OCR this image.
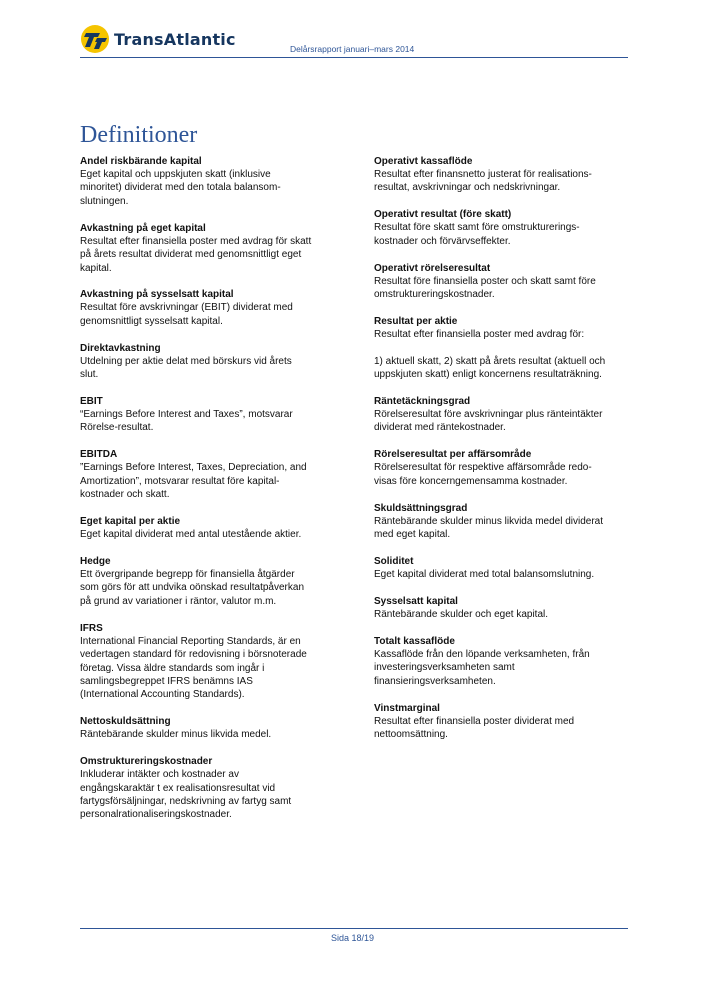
TransAtlantic
Delårsrapport januari–mars 2014
Definitioner
Andel riskbärande kapital

Eget kapital och uppskjuten skatt (inklusive
minoritet) dividerat med den totala balansom-
slutningen.

Avkastning på eget kapital

Resultat efter finansiella poster med avdrag för skatt
på årets resultat dividerat med genomsnittligt eget
kapital.

Avkastning på sysselsatt kapital

Resultat före avskrivningar (EBIT) dividerat med
genomsnittligt sysselsatt kapital.

Direktavkastning

Utdelning per aktie delat med börskurs vid årets
slut.

EBIT

“Earnings Before Interest and Taxes”, motsvarar
Rörelse-resultat.

EBITDA

”Earnings Before Interest, Taxes, Depreciation, and
Amortization”, motsvarar resultat före kapital-
kostnader och skatt.

Eget kapital per aktie

Eget kapital dividerat med antal utestående aktier.

Hedge

Ett övergripande begrepp för finansiella åtgärder
som görs för att undvika oönskad resultatpåverkan
på grund av variationer i räntor, valutor m.m.

IFRS

International Financial Reporting Standards, är en
vedertagen standard för redovisning i börsnoterade
företag. Vissa äldre standards som ingår i
samlingsbegreppet IFRS benämns IAS
(International Accounting Standards).

Nettoskuldsättning

Räntebärande skulder minus likvida medel.

Omstruktureringskostnader

Inkluderar intäkter och kostnader av
engångskaraktär t ex realisationsresultat vid
fartygsförsäljningar, nedskrivning av fartyg samt
personalrationaliseringskostnader.

Operativt kassaflöde

Resultat efter finansnetto justerat för realisations-
resultat, avskrivningar och nedskrivningar.

Operativt resultat (före skatt)

Resultat före skatt samt före omstrukturerings-
kostnader och förvärvseffekter.

Operativt rörelseresultat

Resultat före finansiella poster och skatt samt före
omstruktureringskostnader.

Resultat per aktie

Resultat efter finansiella poster med avdrag för:

1) aktuell skatt, 2) skatt på årets resultat (aktuell och
uppskjuten skatt) enligt koncernens resultaträkning.

Räntetäckningsgrad

Rörelseresultat före avskrivningar plus ränteintäkter
dividerat med räntekostnader.

Rörelseresultat per affärsområde

Rörelseresultat för respektive affärsområde redo-
visas före koncerngemensamma kostnader.

Skuldsättningsgrad

Räntebärande skulder minus likvida medel dividerat
med eget kapital.

Soliditet

Eget kapital dividerat med total balansomslutning.

Sysselsatt kapital

Räntebärande skulder och eget kapital.

Totalt kassaflöde

Kassaflöde från den löpande verksamheten, från
investeringsverksamheten samt
finansieringsverksamheten.

Vinstmarginal

Resultat efter finansiella poster dividerat med
nettoomsättning.

Sida 18/19
